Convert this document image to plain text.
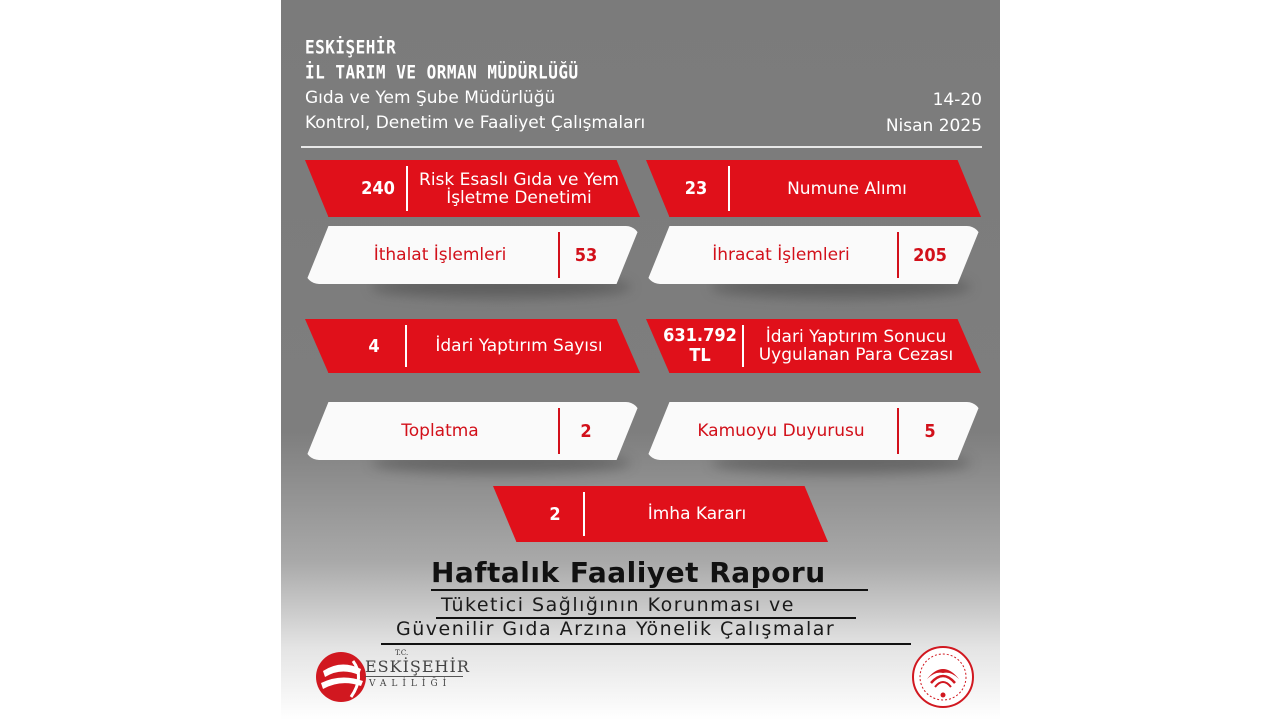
ESKİŞEHİR
İL TARIM VE ORMAN MÜDÜRLÜĞÜ
Gıda ve Yem Şube Müdürlüğü
Kontrol, Denetim ve Faaliyet Çalışmaları
14-20
Nisan 2025
240	Risk Esaslı Gıda ve Yem
İşletme Denetimi	23	Numune Alımı
İthalat İşlemleri	53	İhracat İşlemleri	205
4	İdari Yaptırım Sayısı	631.792
TL
İdari Yaptırım Sonucu
Uygulanan Para Cezası
Toplatma	2	Kamuoyu Duyurusu	5
2	İmha Kararı
Haftalık Faaliyet Raporu
Tüketici Sağlığının Korunması ve
Güvenilir Gıda Arzına Yönelik Çalışmalar
T.C.
ESKİŞEHİR
VALİLİĞİ
